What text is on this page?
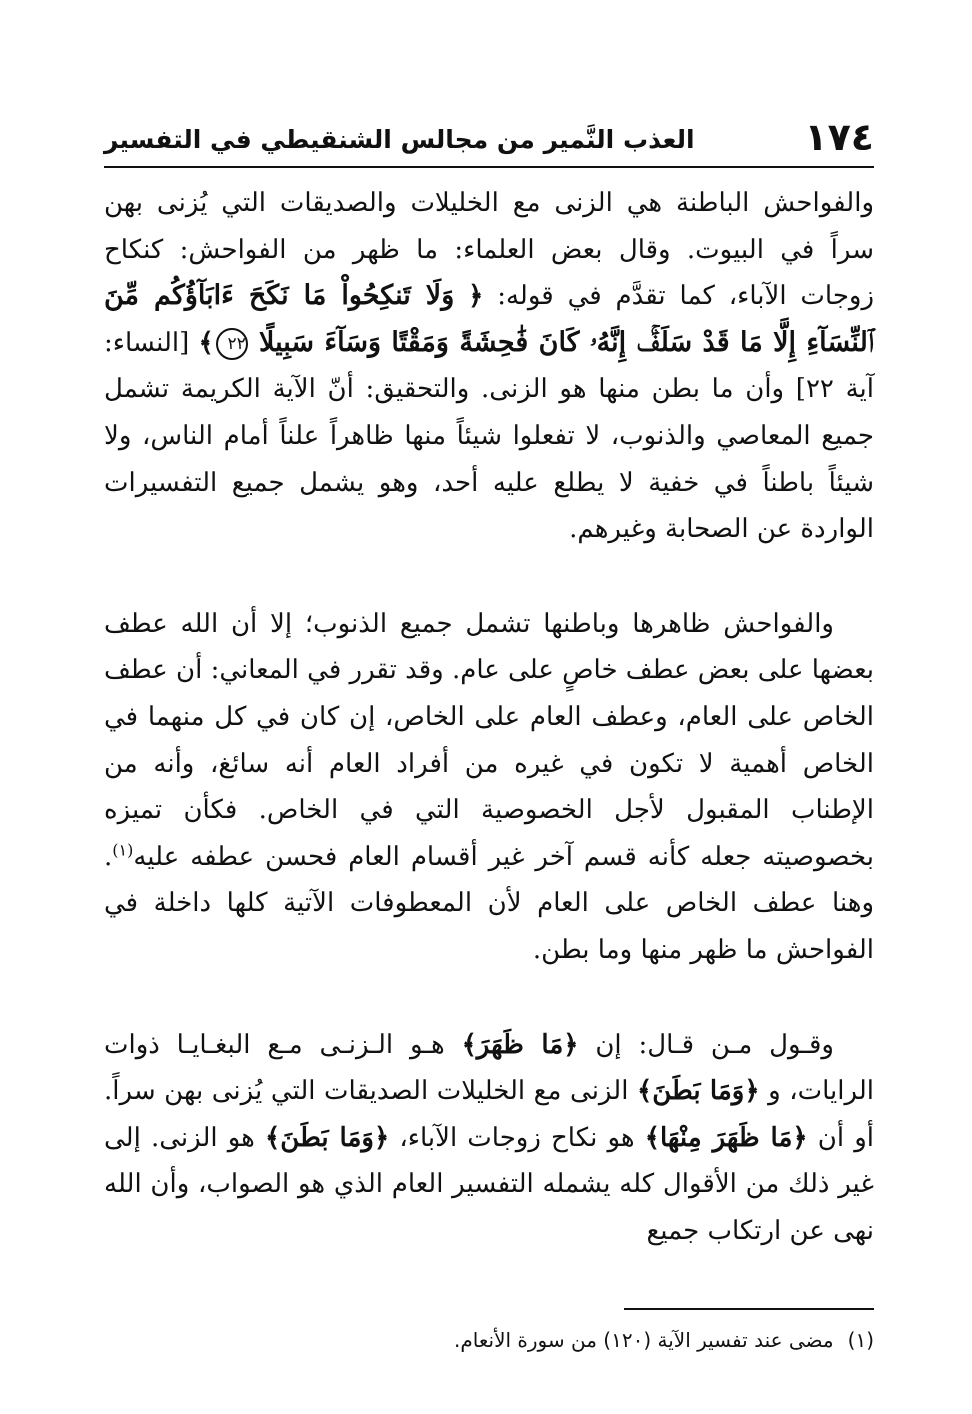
١٧٤
العذب النَّمير من مجالس الشنقيطي في التفسير

والفواحش الباطنة هي الزنى مع الخليلات والصديقات التي يُزنى بهن سراً في البيوت. وقال بعض العلماء: ما ظهر من الفواحش: كنكاح زوجات الآباء، كما تقدَّم في قوله: ﴿ وَلَا تَنكِحُواْ مَا نَكَحَ ءَابَآؤُكُم مِّنَ ٱلنِّسَآءِ إِلَّا مَا قَدْ سَلَفَۚ إِنَّهُۥ كَانَ فَٰحِشَةً وَمَقْتًا وَسَآءَ سَبِيلًا ٢٢﴾ [النساء: آية ٢٢] وأن ما بطن منها هو الزنى. والتحقيق: أنّ الآية الكريمة تشمل جميع المعاصي والذنوب، لا تفعلوا شيئاً منها ظاهراً علناً أمام الناس، ولا شيئاً باطناً في خفية لا يطلع عليه أحد، وهو يشمل جميع التفسيرات الواردة عن الصحابة وغيرهم.

والفواحش ظاهرها وباطنها تشمل جميع الذنوب؛ إلا أن الله عطف بعضها على بعض عطف خاصٍ على عام. وقد تقرر في المعاني: أن عطف الخاص على العام، وعطف العام على الخاص، إن كان في كل منهما في الخاص أهمية لا تكون في غيره من أفراد العام أنه سائغ، وأنه من الإطناب المقبول لأجل الخصوصية التي في الخاص. فكأن تميزه بخصوصيته جعله كأنه قسم آخر غير أقسام العام فحسن عطفه عليه$^{(١)}$. وهنا عطف الخاص على العام لأن المعطوفات الآتية كلها داخلة في الفواحش ما ظهر منها وما بطن.

وقـول مـن قـال: إن ﴿مَا ظَهَرَ﴾ هـو الـزنـى مـع البغـايـا ذوات الرايات، و ﴿وَمَا بَطَنَ﴾ الزنى مع الخليلات الصديقات التي يُزنى بهن سراً. أو أن ﴿مَا ظَهَرَ مِنْهَا﴾ هو نكاح زوجات الآباء، ﴿وَمَا بَطَنَ﴾ هو الزنى. إلى غير ذلك من الأقوال كله يشمله التفسير العام الذي هو الصواب، وأن الله نهى عن ارتكاب جميع

(١)مضى عند تفسير الآية (١٢٠) من سورة الأنعام.
